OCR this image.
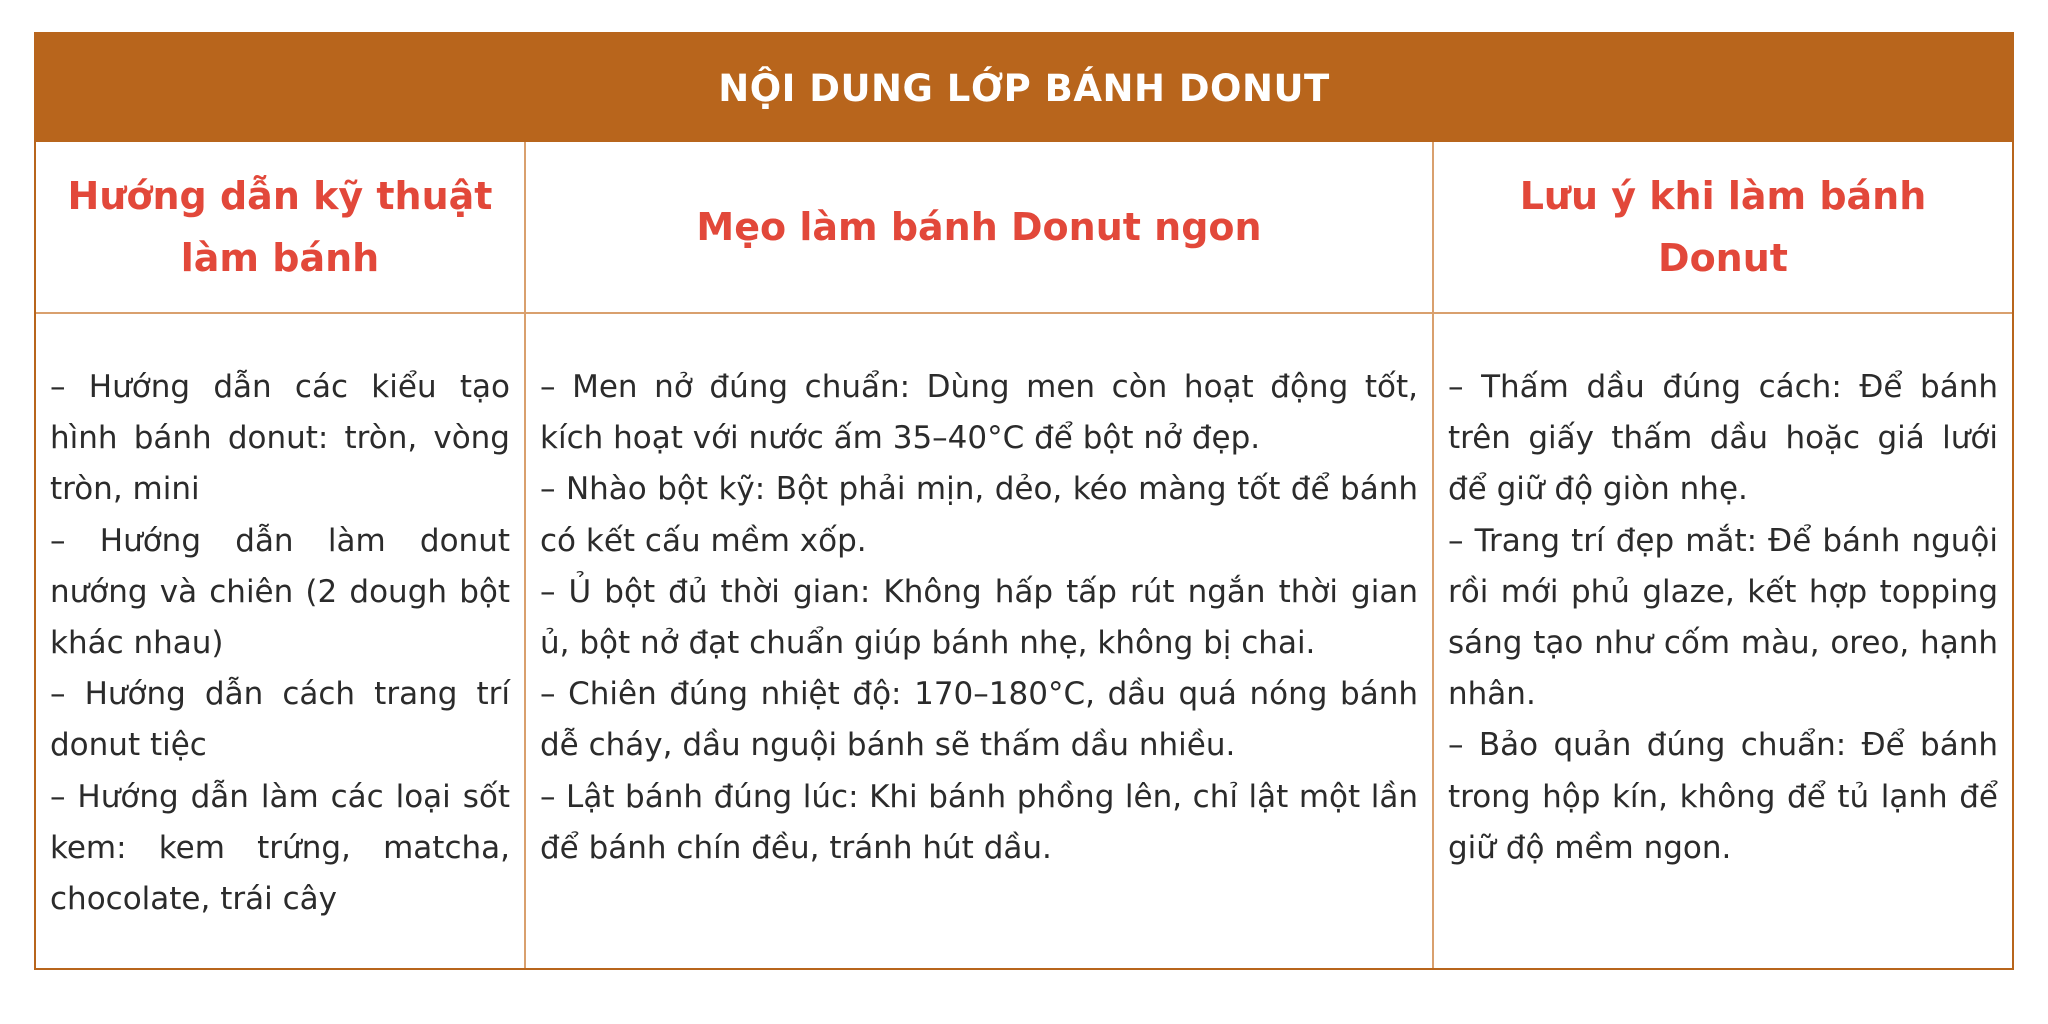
NỘI DUNG LỚP BÁNH DONUT
Hướng dẫn kỹ thuật làm bánh
Mẹo làm bánh Donut ngon
Lưu ý khi làm bánh Donut
– Hướng dẫn các kiểu tạo hình bánh donut: tròn, vòng tròn, mini
– Hướng dẫn làm donut nướng và chiên (2 dough bột khác nhau)
– Hướng dẫn cách trang trí donut tiệc
– Hướng dẫn làm các loại sốt kem: kem trứng, matcha, chocolate, trái cây
– Men nở đúng chuẩn: Dùng men còn hoạt động tốt, kích hoạt với nước ấm 35–40°C để bột nở đẹp.
– Nhào bột kỹ: Bột phải mịn, dẻo, kéo màng tốt để bánh có kết cấu mềm xốp.
– Ủ bột đủ thời gian: Không hấp tấp rút ngắn thời gian ủ, bột nở đạt chuẩn giúp bánh nhẹ, không bị chai.
– Chiên đúng nhiệt độ: 170–180°C, dầu quá nóng bánh dễ cháy, dầu nguội bánh sẽ thấm dầu nhiều.
– Lật bánh đúng lúc: Khi bánh phồng lên, chỉ lật một lần để bánh chín đều, tránh hút dầu.
– Thấm dầu đúng cách: Để bánh trên giấy thấm dầu hoặc giá lưới để giữ độ giòn nhẹ.
– Trang trí đẹp mắt: Để bánh nguội rồi mới phủ glaze, kết hợp topping sáng tạo như cốm màu, oreo, hạnh nhân.
– Bảo quản đúng chuẩn: Để bánh trong hộp kín, không để tủ lạnh để giữ độ mềm ngon.
